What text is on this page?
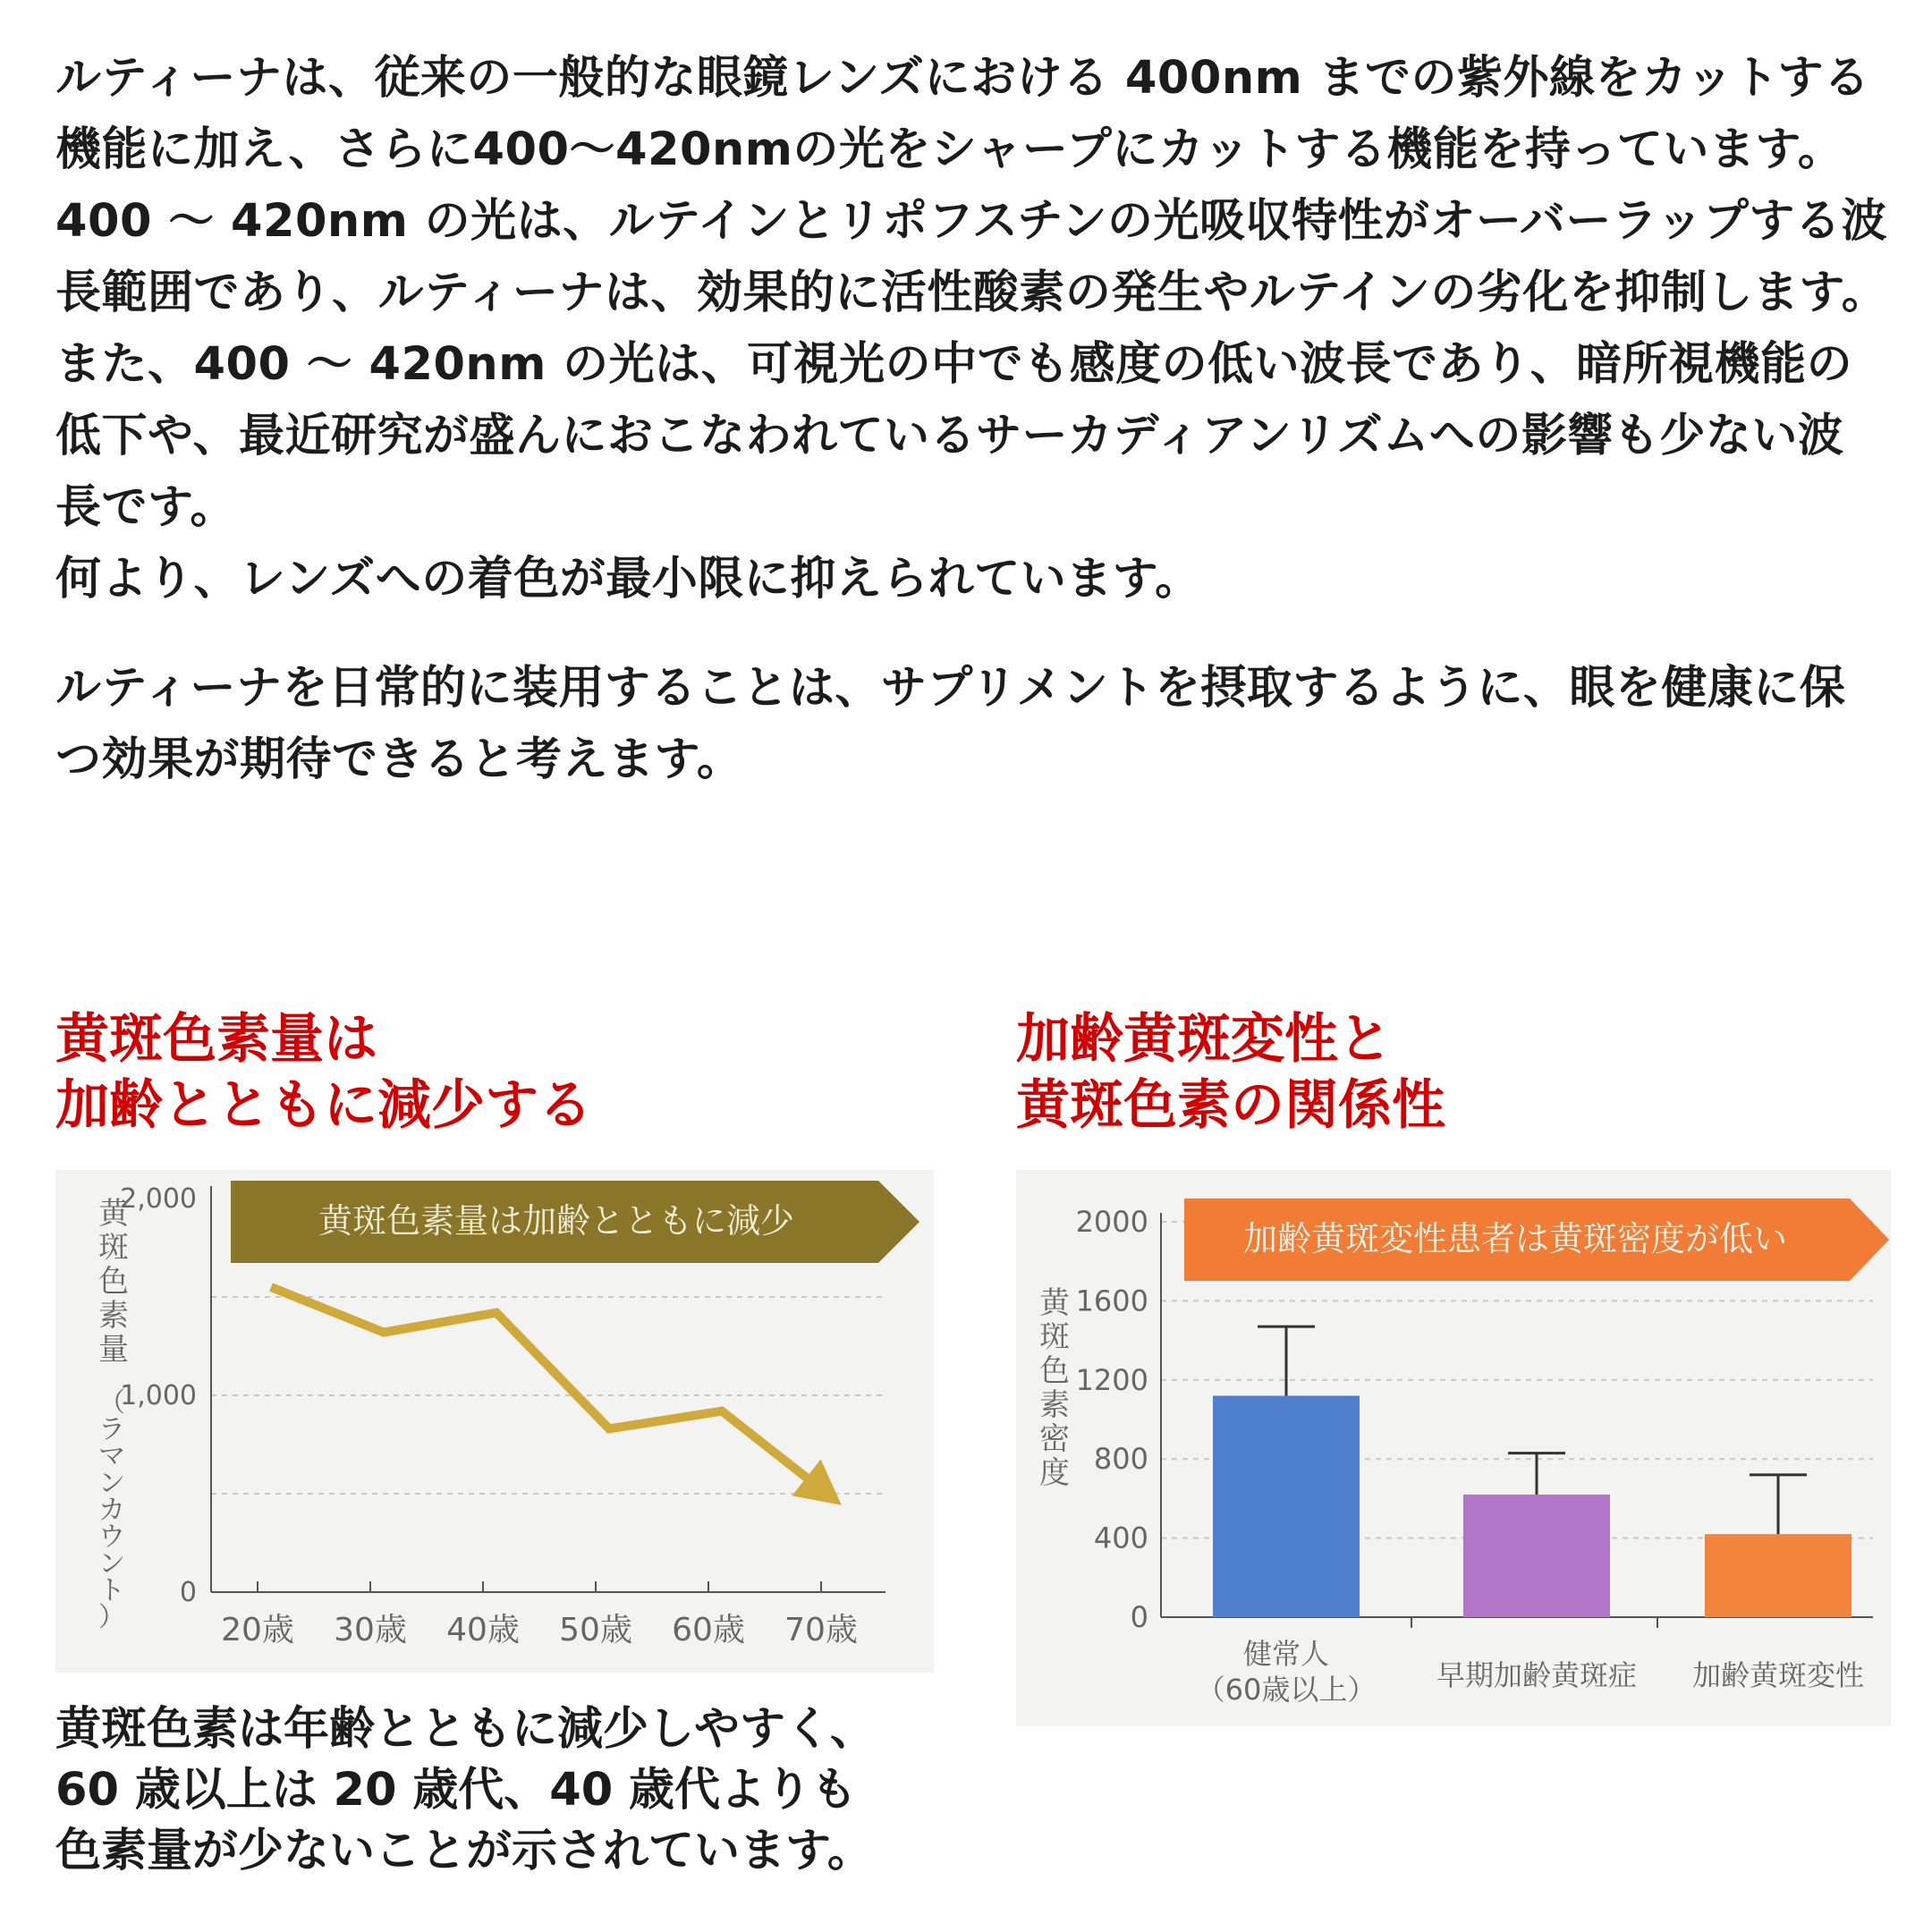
ルティーナは、従来の一般的な眼鏡レンズにおける 400nm までの紫外線をカットする機能に加え、さらに400～420nmの光をシャープにカットする機能を持っています。

400 ～ 420nm の光は、ルテインとリポフスチンの光吸収特性がオーバーラップする波長範囲であり、ルティーナは、効果的に活性酸素の発生やルテインの劣化を抑制します。

また、400 ～ 420nm の光は、可視光の中でも感度の低い波長であり、暗所視機能の低下や、最近研究が盛んにおこなわれているサーカディアンリズムへの影響も少ない波長です。

何より、レンズへの着色が最小限に抑えられています。

ルティーナを日常的に装用することは、サプリメントを摂取するように、眼を健康に保つ効果が期待できると考えます。

黄斑色素量は
加齢とともに減少する
加齢黄斑変性と
黄斑色素の関係性
0
1,000
2,000
20歳 30歳 40歳 50歳 60歳 70歳
黄斑色素量は加齢とともに減少
黄斑色素量
（ラマンカウント）	0
400
800
1200
1600
2000
健常人
（60歳以上） 早期加齢黄斑症 加齢黄斑変性
加齢黄斑変性患者は黄斑密度が低い
黄斑色素密度
黄斑色素は年齢とともに減少しやすく、
60 歳以上は 20 歳代、40 歳代よりも
色素量が少ないことが示されています。
